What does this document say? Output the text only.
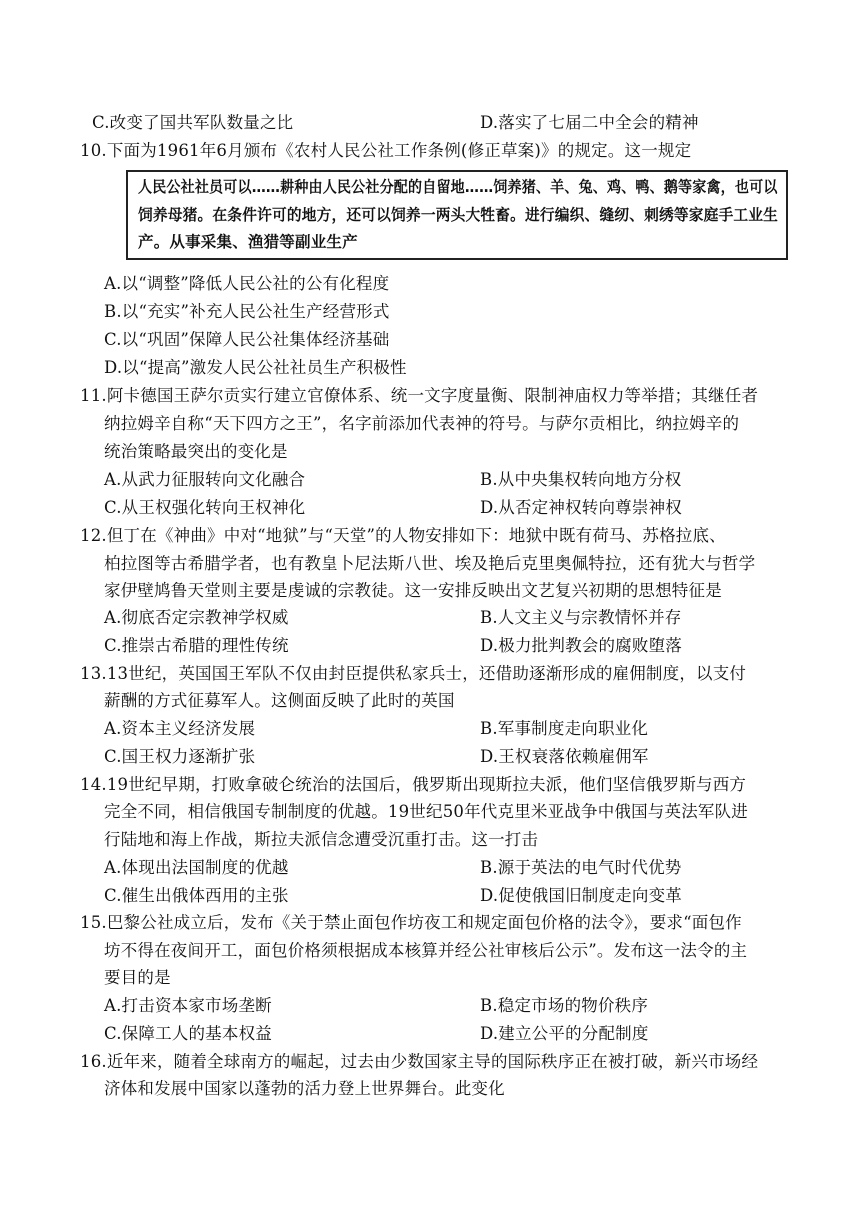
C.改变了国共军队数量之比	D.落实了七届二中全会的精神
10.下面为1961年6月颁布《农村人民公社工作条例(修正草案)》的规定。这一规定
人民公社社员可以……耕种由人民公社分配的自留地……饲养猪、羊、兔、鸡、鸭、鹅等家禽，也可以
饲养母猪。在条件许可的地方，还可以饲养一两头大牲畜。进行编织、缝纫、刺绣等家庭手工业生
产。从事采集、渔猎等副业生产
A.以“调整”降低人民公社的公有化程度
B.以“充实”补充人民公社生产经营形式
C.以“巩固”保障人民公社集体经济基础
D.以“提高”激发人民公社社员生产积极性
11.阿卡德国王萨尔贡实行建立官僚体系、统一文字度量衡、限制神庙权力等举措；其继任者
纳拉姆辛自称“天下四方之王”，名字前添加代表神的符号。与萨尔贡相比，纳拉姆辛的
统治策略最突出的变化是
A.从武力征服转向文化融合	B.从中央集权转向地方分权
C.从王权强化转向王权神化	D.从否定神权转向尊崇神权
12.但丁在《神曲》中对“地狱”与“天堂”的人物安排如下：地狱中既有荷马、苏格拉底、
柏拉图等古希腊学者，也有教皇卜尼法斯八世、埃及艳后克里奥佩特拉，还有犹大与哲学
家伊壁鸠鲁天堂则主要是虔诚的宗教徒。这一安排反映出文艺复兴初期的思想特征是
A.彻底否定宗教神学权威	B.人文主义与宗教情怀并存
C.推崇古希腊的理性传统	D.极力批判教会的腐败堕落
13.13世纪，英国国王军队不仅由封臣提供私家兵士，还借助逐渐形成的雇佣制度，以支付
薪酬的方式征募军人。这侧面反映了此时的英国
A.资本主义经济发展	B.军事制度走向职业化
C.国王权力逐渐扩张	D.王权衰落依赖雇佣军
14.19世纪早期，打败拿破仑统治的法国后，俄罗斯出现斯拉夫派，他们坚信俄罗斯与西方
完全不同，相信俄国专制制度的优越。19世纪50年代克里米亚战争中俄国与英法军队进
行陆地和海上作战，斯拉夫派信念遭受沉重打击。这一打击
A.体现出法国制度的优越	B.源于英法的电气时代优势
C.催生出俄体西用的主张	D.促使俄国旧制度走向变革
15.巴黎公社成立后，发布《关于禁止面包作坊夜工和规定面包价格的法令》，要求“面包作
坊不得在夜间开工，面包价格须根据成本核算并经公社审核后公示”。发布这一法令的主
要目的是
A.打击资本家市场垄断	B.稳定市场的物价秩序
C.保障工人的基本权益	D.建立公平的分配制度
16.近年来，随着全球南方的崛起，过去由少数国家主导的国际秩序正在被打破，新兴市场经
济体和发展中国家以蓬勃的活力登上世界舞台。此变化
